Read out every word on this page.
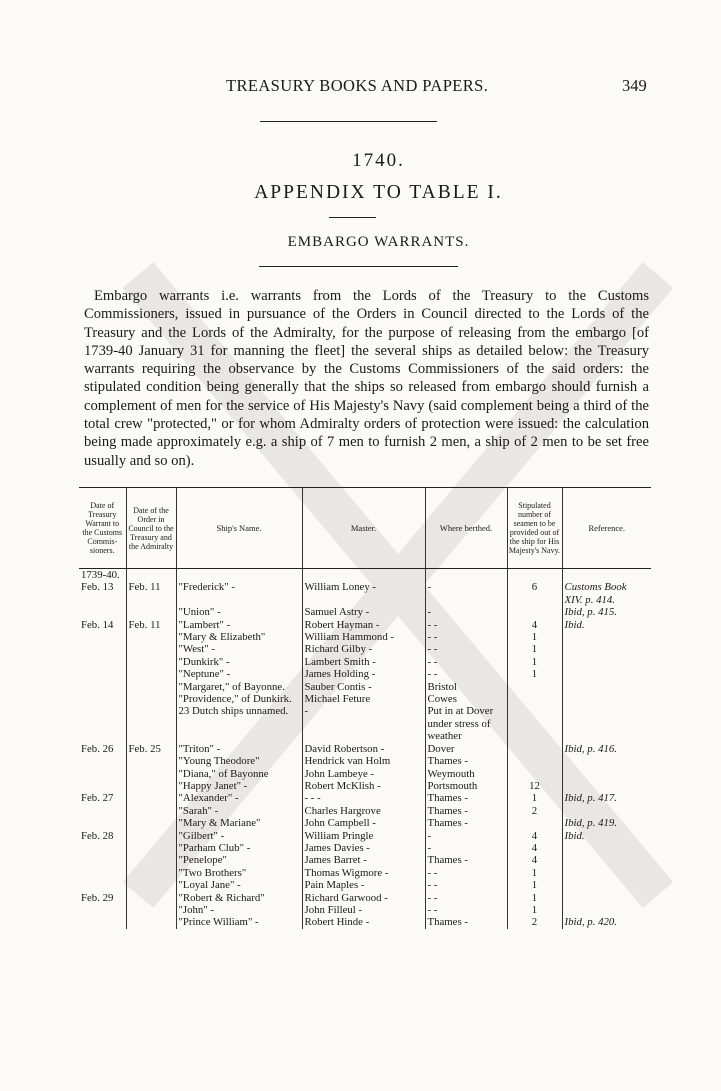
TREASURY BOOKS AND PAPERS.	349
1740.
APPENDIX TO TABLE I.
EMBARGO WARRANTS.

Embargo warrants i.e. warrants from the Lords of the Treasury to the Customs Commissioners, issued in pursuance of the Orders in Council directed to the Lords of the Treasury and the Lords of the Admiralty, for the purpose of releasing from the embargo [of 1739-40 January 31 for manning the fleet] the several ships as detailed below: the Treasury warrants requiring the observance by the Customs Commissioners of the said orders: the stipulated condition being generally that the ships so released from embargo should furnish a complement of men for the service of His Majesty's Navy (said complement being a third of the total crew "protected," or for whom Admiralty orders of protection were issued: the calculation being made approximately e.g. a ship of 7 men to furnish 2 men, a ship of 2 men to be set free usually and so on).

Date of Treasury Warrant to the Customs Commis-sioners.	Date of the Order in Council to the Treasury and the Admiralty	Ship's Name.	Master.	Where berthed.	Stipulated number of seamen to be provided out of the ship for His Majesty's Navy.	Reference.
1739-40.						
Feb. 13	Feb. 11	"Frederick" -	William Loney -	-	6	Customs Book
						XIV. p. 414.
		"Union" -	Samuel Astry -	-		Ibid, p. 415.

Feb. 14	Feb. 11	"Lambert" -	Robert Hayman -	- -	4	Ibid.
		"Mary & Elizabeth"	William Hammond -	- -	1	
		"West" -	Richard Gilby -	- -	1	
		"Dunkirk" -	Lambert Smith -	- -	1	
		"Neptune" -	James Holding -	- -	1	
		"Margaret," of Bayonne.	Sauber Contis -	Bristol		
		"Providence," of Dunkirk.	Michael Feture	Cowes		
		23 Dutch ships unnamed.	-	Put in at Dover under stress of weather		

Feb. 26	Feb. 25	"Triton" -	David Robertson -	Dover		Ibid, p. 416.
		"Young Theodore"	Hendrick van Holm	Thames -		
		"Diana," of Bayonne	John Lambeye -	Weymouth		
		"Happy Janet" -	Robert McKlish -	Portsmouth	12	
Feb. 27		"Alexander" -	- - -	Thames -	1	Ibid, p. 417.
		"Sarah" -	Charles Hargrove	Thames -	2	
		"Mary & Mariane"	John Campbell -	Thames -		Ibid, p. 419.
Feb. 28		"Gilbert" -	William Pringle	-	4	Ibid.
		"Parham Club" -	James Davies -	-	4	
		"Penelope"	James Barret -	Thames -	4	
		"Two Brothers"	Thomas Wigmore -	- -	1	
		"Loyal Jane" -	Pain Maples -	- -	1	
Feb. 29		"Robert & Richard"	Richard Garwood -	- -	1	
		"John" -	John Filleul -	- -	1	
		"Prince William" -	Robert Hinde -	Thames -	2	Ibid, p. 420.
